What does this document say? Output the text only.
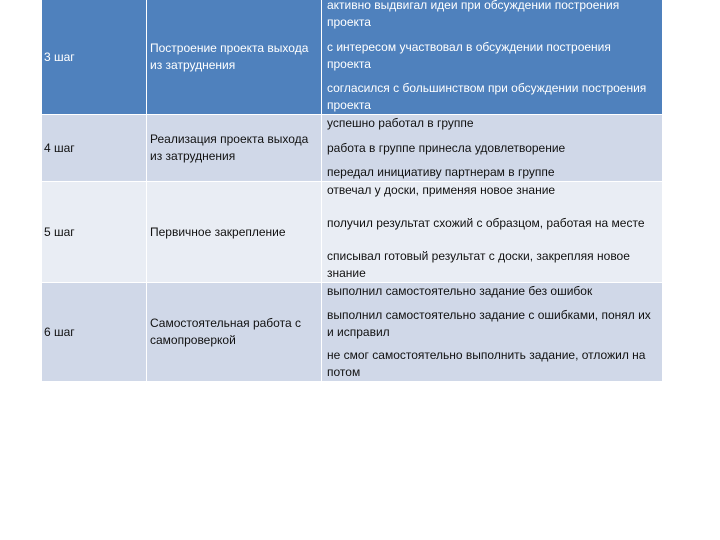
3 шаг
Построение проекта выхода из затруднения
активно выдвигал идеи при обсуждении построения проекта
с интересом участвовал в обсуждении построения проекта
согласился с большинством при обсуждении построения проекта
4 шаг
Реализация проекта выхода из затруднения
успешно работал в группе
работа в группе принесла удовлетворение
передал инициативу партнерам в группе
5 шаг	Первичное закрепление
отвечал у доски, применяя новое знание
получил результат схожий с образцом, работая на месте
списывал готовый результат с доски, закрепляя новое знание
6 шаг
Самостоятельная работа с самопроверкой
выполнил самостоятельно задание без ошибок
выполнил самостоятельно задание с ошибками, понял их и исправил
не смог самостоятельно выполнить задание, отложил на потом
